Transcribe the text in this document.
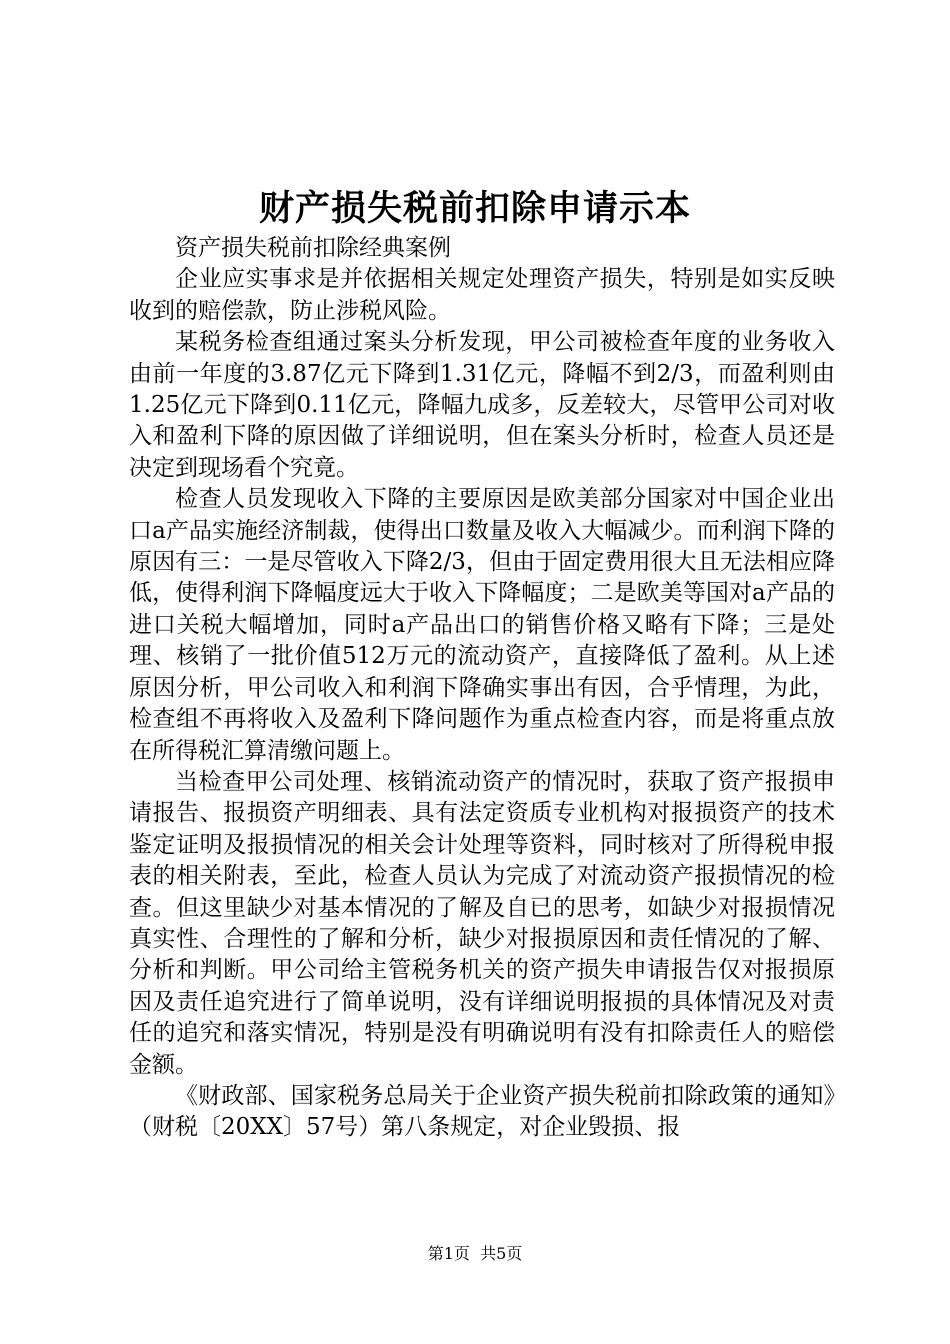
财产损失税前扣除申请示本

资产损失税前扣除经典案例

企业应实事求是并依据相关规定处理资产损失，特别是如实反映收到的赔偿款，防止涉税风险。

某税务检查组通过案头分析发现，甲公司被检查年度的业务收入由前一年度的3.87亿元下降到1.31亿元，降幅不到2/3，而盈利则由1.25亿元下降到0.11亿元，降幅九成多，反差较大，尽管甲公司对收入和盈利下降的原因做了详细说明，但在案头分析时，检查人员还是决定到现场看个究竟。

检查人员发现收入下降的主要原因是欧美部分国家对中国企业出口a产品实施经济制裁，使得出口数量及收入大幅减少。而利润下降的原因有三：一是尽管收入下降2/3，但由于固定费用很大且无法相应降低，使得利润下降幅度远大于收入下降幅度；二是欧美等国对a产品的进口关税大幅增加，同时a产品出口的销售价格又略有下降；三是处理、核销了一批价值512万元的流动资产，直接降低了盈利。从上述原因分析，甲公司收入和利润下降确实事出有因，合乎情理，为此，检查组不再将收入及盈利下降问题作为重点检查内容，而是将重点放在所得税汇算清缴问题上。

当检查甲公司处理、核销流动资产的情况时，获取了资产报损申请报告、报损资产明细表、具有法定资质专业机构对报损资产的技术鉴定证明及报损情况的相关会计处理等资料，同时核对了所得税申报表的相关附表，至此，检查人员认为完成了对流动资产报损情况的检查。但这里缺少对基本情况的了解及自已的思考，如缺少对报损情况真实性、合理性的了解和分析，缺少对报损原因和责任情况的了解、分析和判断。甲公司给主管税务机关的资产损失申请报告仅对报损原因及责任追究进行了简单说明，没有详细说明报损的具体情况及对责任的追究和落实情况，特别是没有明确说明有没有扣除责任人的赔偿金额。

《财政部、国家税务总局关于企业资产损失税前扣除政策的通知》（财税〔20XX〕57号）第八条规定，对企业毁损、报

第1页 共5页
